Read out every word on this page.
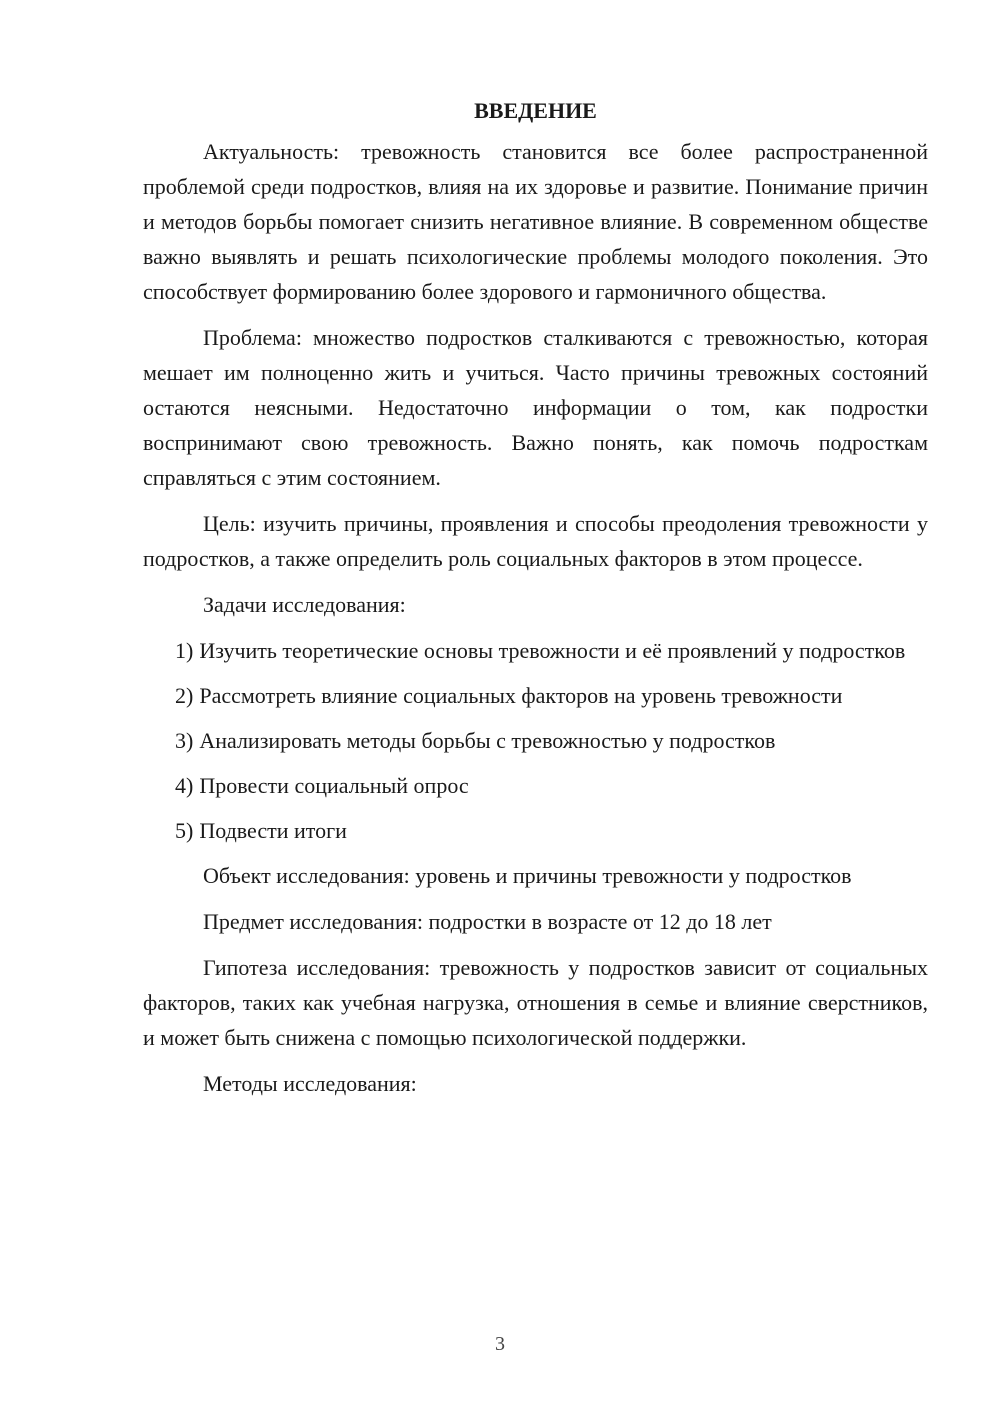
ВВЕДЕНИЕ

Актуальность: тревожность становится все более распространенной проблемой среди подростков, влияя на их здоровье и развитие. Понимание причин и методов борьбы помогает снизить негативное влияние. В современном обществе важно выявлять и решать психологические проблемы молодого поколения. Это способствует формированию более здорового и гармоничного общества.

Проблема: множество подростков сталкиваются с тревожностью, которая мешает им полноценно жить и учиться. Часто причины тревожных состояний остаются неясными. Недостаточно информации о том, как подростки воспринимают свою тревожность. Важно понять, как помочь подросткам справляться с этим состоянием.

Цель: изучить причины, проявления и способы преодоления тревожности у подростков, а также определить роль социальных факторов в этом процессе.

Задачи исследования:

1) Изучить теоретические основы тревожности и её проявлений у подростков

2) Рассмотреть влияние социальных факторов на уровень тревожности

3) Анализировать методы борьбы с тревожностью у подростков

4) Провести социальный опрос

5) Подвести итоги

Объект исследования: уровень и причины тревожности у подростков

Предмет исследования: подростки в возрасте от 12 до 18 лет

Гипотеза исследования: тревожность у подростков зависит от социальных факторов, таких как учебная нагрузка, отношения в семье и влияние сверстников, и может быть снижена с помощью психологической поддержки.

Методы исследования:

3
